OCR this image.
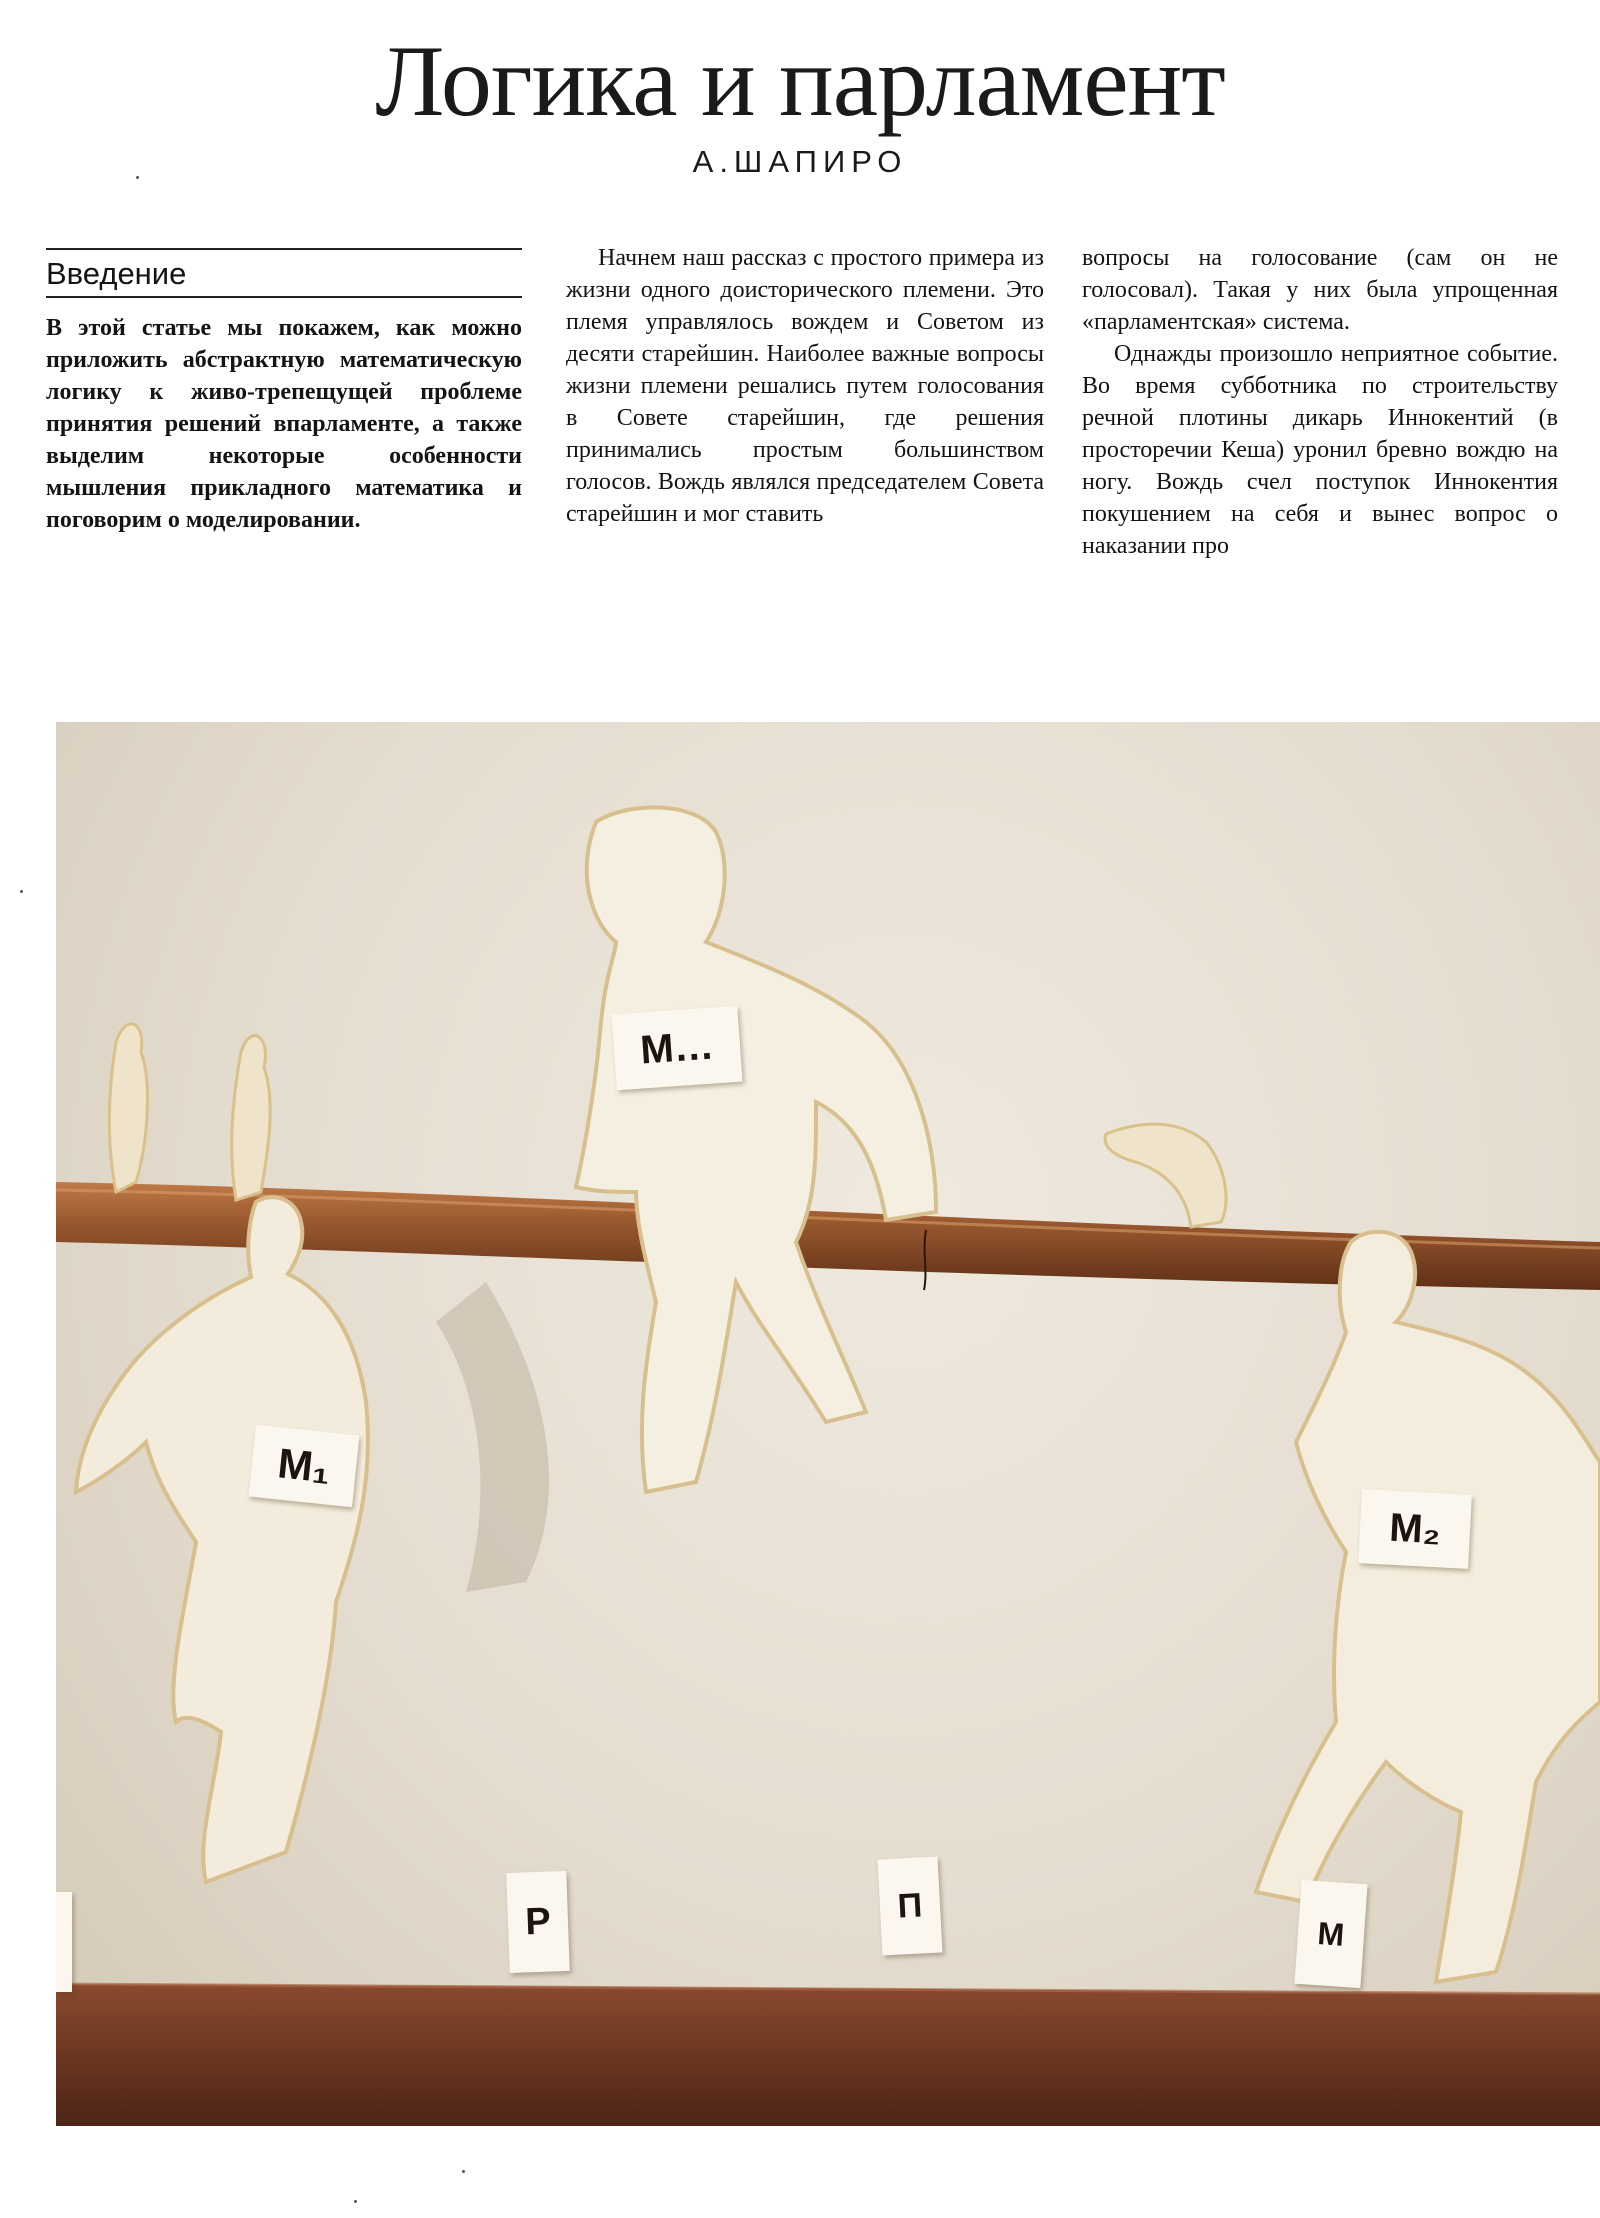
Логика и парламент
А.ШАПИРО
Введение

В этой статье мы покажем, как можно приложить абстрактную математическую логику к живо-трепещущей проблеме принятия решений впарламенте, а также выделим некоторые особенности мышления прикладного математика и поговорим о моделировании.

Начнем наш рассказ с простого примера из жизни одного доисторического племени. Это племя управлялось вождем и Советом из десяти старейшин. Наиболее важные вопросы жизни племени решались путем голосования в Совете старейшин, где решения принимались простым большинством голосов. Вождь являлся председателем Совета старейшин и мог ставить

вопросы на голосование (сам он не голосовал). Такая у них была упрощенная «парламентская» система.

Однажды произошло неприятное событие. Во время субботника по строительству речной плотины дикарь Иннокентий (в просторечии Кеша) уронил бревно вождю на ногу. Вождь счел поступок Иннокентия покушением на себя и вынес вопрос о наказании про

M₁
M…
M₂
P	Π
M
